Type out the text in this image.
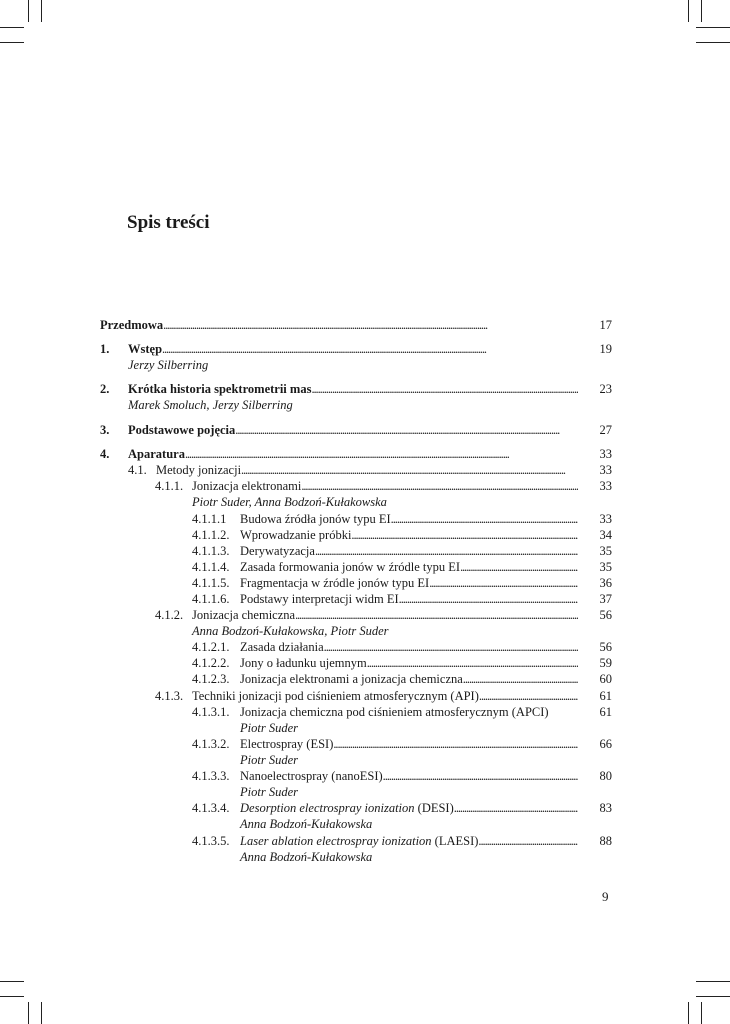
Spis treści
Przedmowa . . .	17
1. Wstęp . . .	19
Jerzy Silberring
2. Krótka historia spektrometrii mas . . .	23
Marek Smoluch, Jerzy Silberring
3. Podstawowe pojęcia . . .	27
4. Aparatura . . .	33
4.1. Metody jonizacji . . .	33
4.1.1. Jonizacja elektronami . . .	33
Piotr Suder, Anna Bodzoń-Kułakowska
4.1.1.1 Budowa źródła jonów typu EI . . .	33
4.1.1.2. Wprowadzanie próbki . . .	34
4.1.1.3. Derywatyzacja . . .	35
4.1.1.4. Zasada formowania jonów w źródle typu EI . . .	35
4.1.1.5. Fragmentacja w źródle jonów typu EI . . .	36
4.1.1.6. Podstawy interpretacji widm EI . . .	37
4.1.2. Jonizacja chemiczna . . .	56
Anna Bodzoń-Kułakowska, Piotr Suder
4.1.2.1. Zasada działania . . .	56
4.1.2.2. Jony o ładunku ujemnym . . .	59
4.1.2.3. Jonizacja elektronami a jonizacja chemiczna . . .	60
4.1.3. Techniki jonizacji pod ciśnieniem atmosferycznym (API) . . .	61
4.1.3.1. Jonizacja chemiczna pod ciśnieniem atmosferycznym (APCI)	61
Piotr Suder
4.1.3.2. Electrospray (ESI) . . .	66
Piotr Suder
4.1.3.3. Nanoelectrospray (nanoESI) . . .	80
Piotr Suder
4.1.3.4. Desorption electrospray ionization (DESI) . . .	83
Anna Bodzoń-Kułakowska
4.1.3.5. Laser ablation electrospray ionization (LAESI) . . .	88
Anna Bodzoń-Kułakowska
9
